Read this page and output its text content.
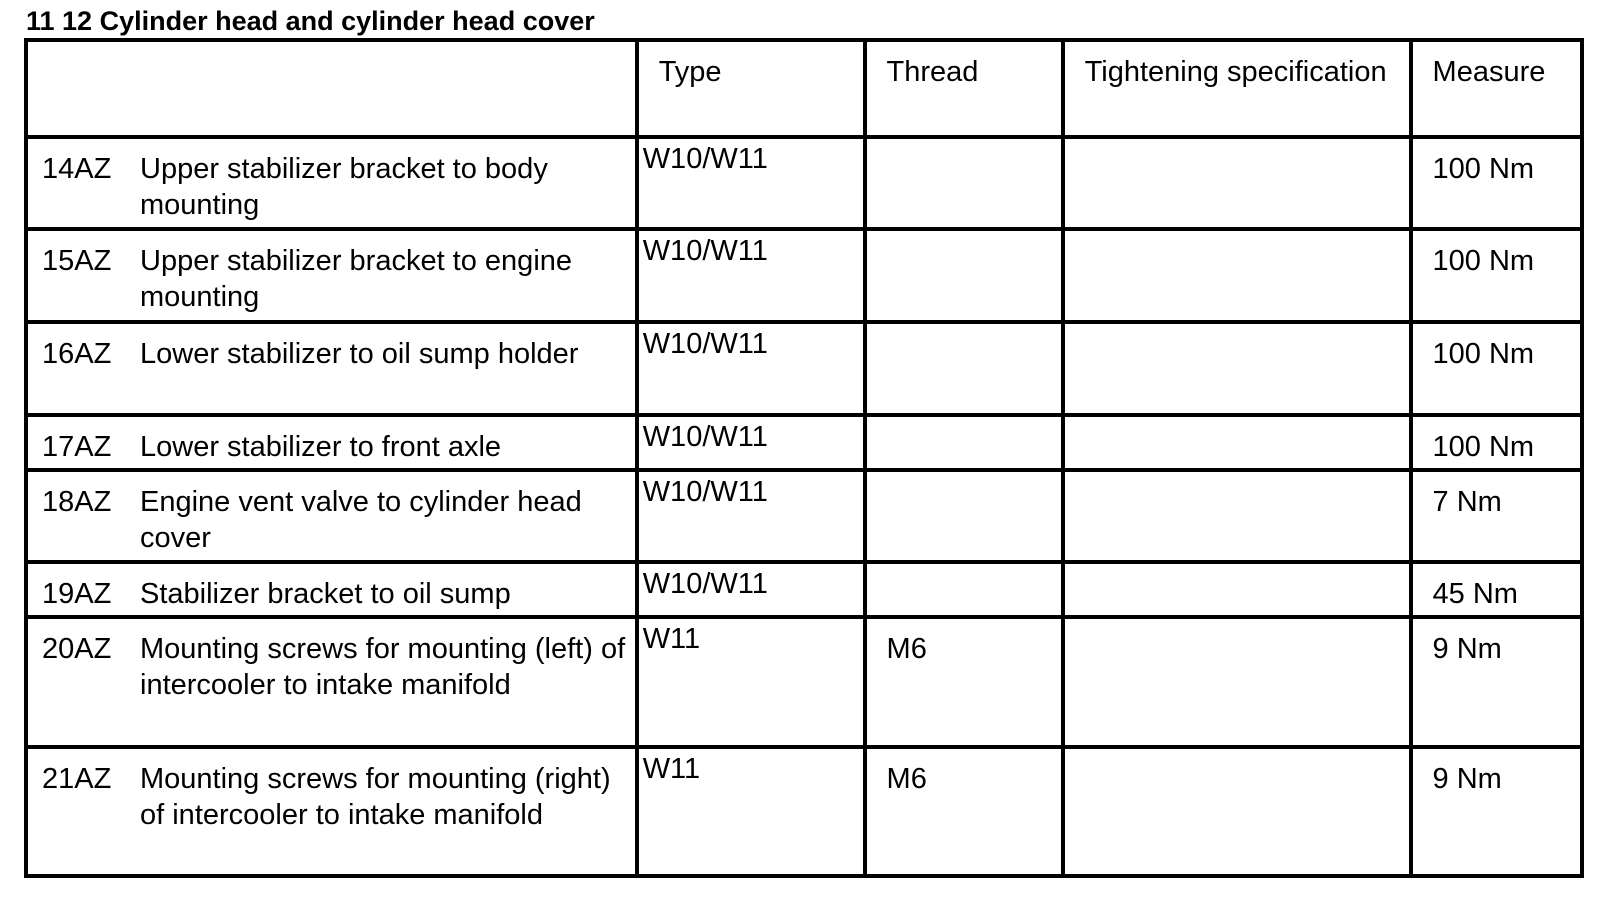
11 12 Cylinder head and cylinder head cover
	Type	Thread	Tightening specification	Measure

14AZ Upper stabilizer bracket to body mounting	W10/W11			100 Nm

15AZ Upper stabilizer bracket to engine mounting	W10/W11			100 Nm

16AZ Lower stabilizer to oil sump holder	W10/W11			100 Nm

17AZ Lower stabilizer to front axle	W10/W11			100 Nm

18AZ Engine vent valve to cylinder head cover	W10/W11			7 Nm

19AZ Stabilizer bracket to oil sump	W10/W11			45 Nm

20AZ Mounting screws for mounting (left) of intercooler to intake manifold	W11	M6		9 Nm

21AZ Mounting screws for mounting (right) of intercooler to intake manifold	W11	M6		9 Nm
